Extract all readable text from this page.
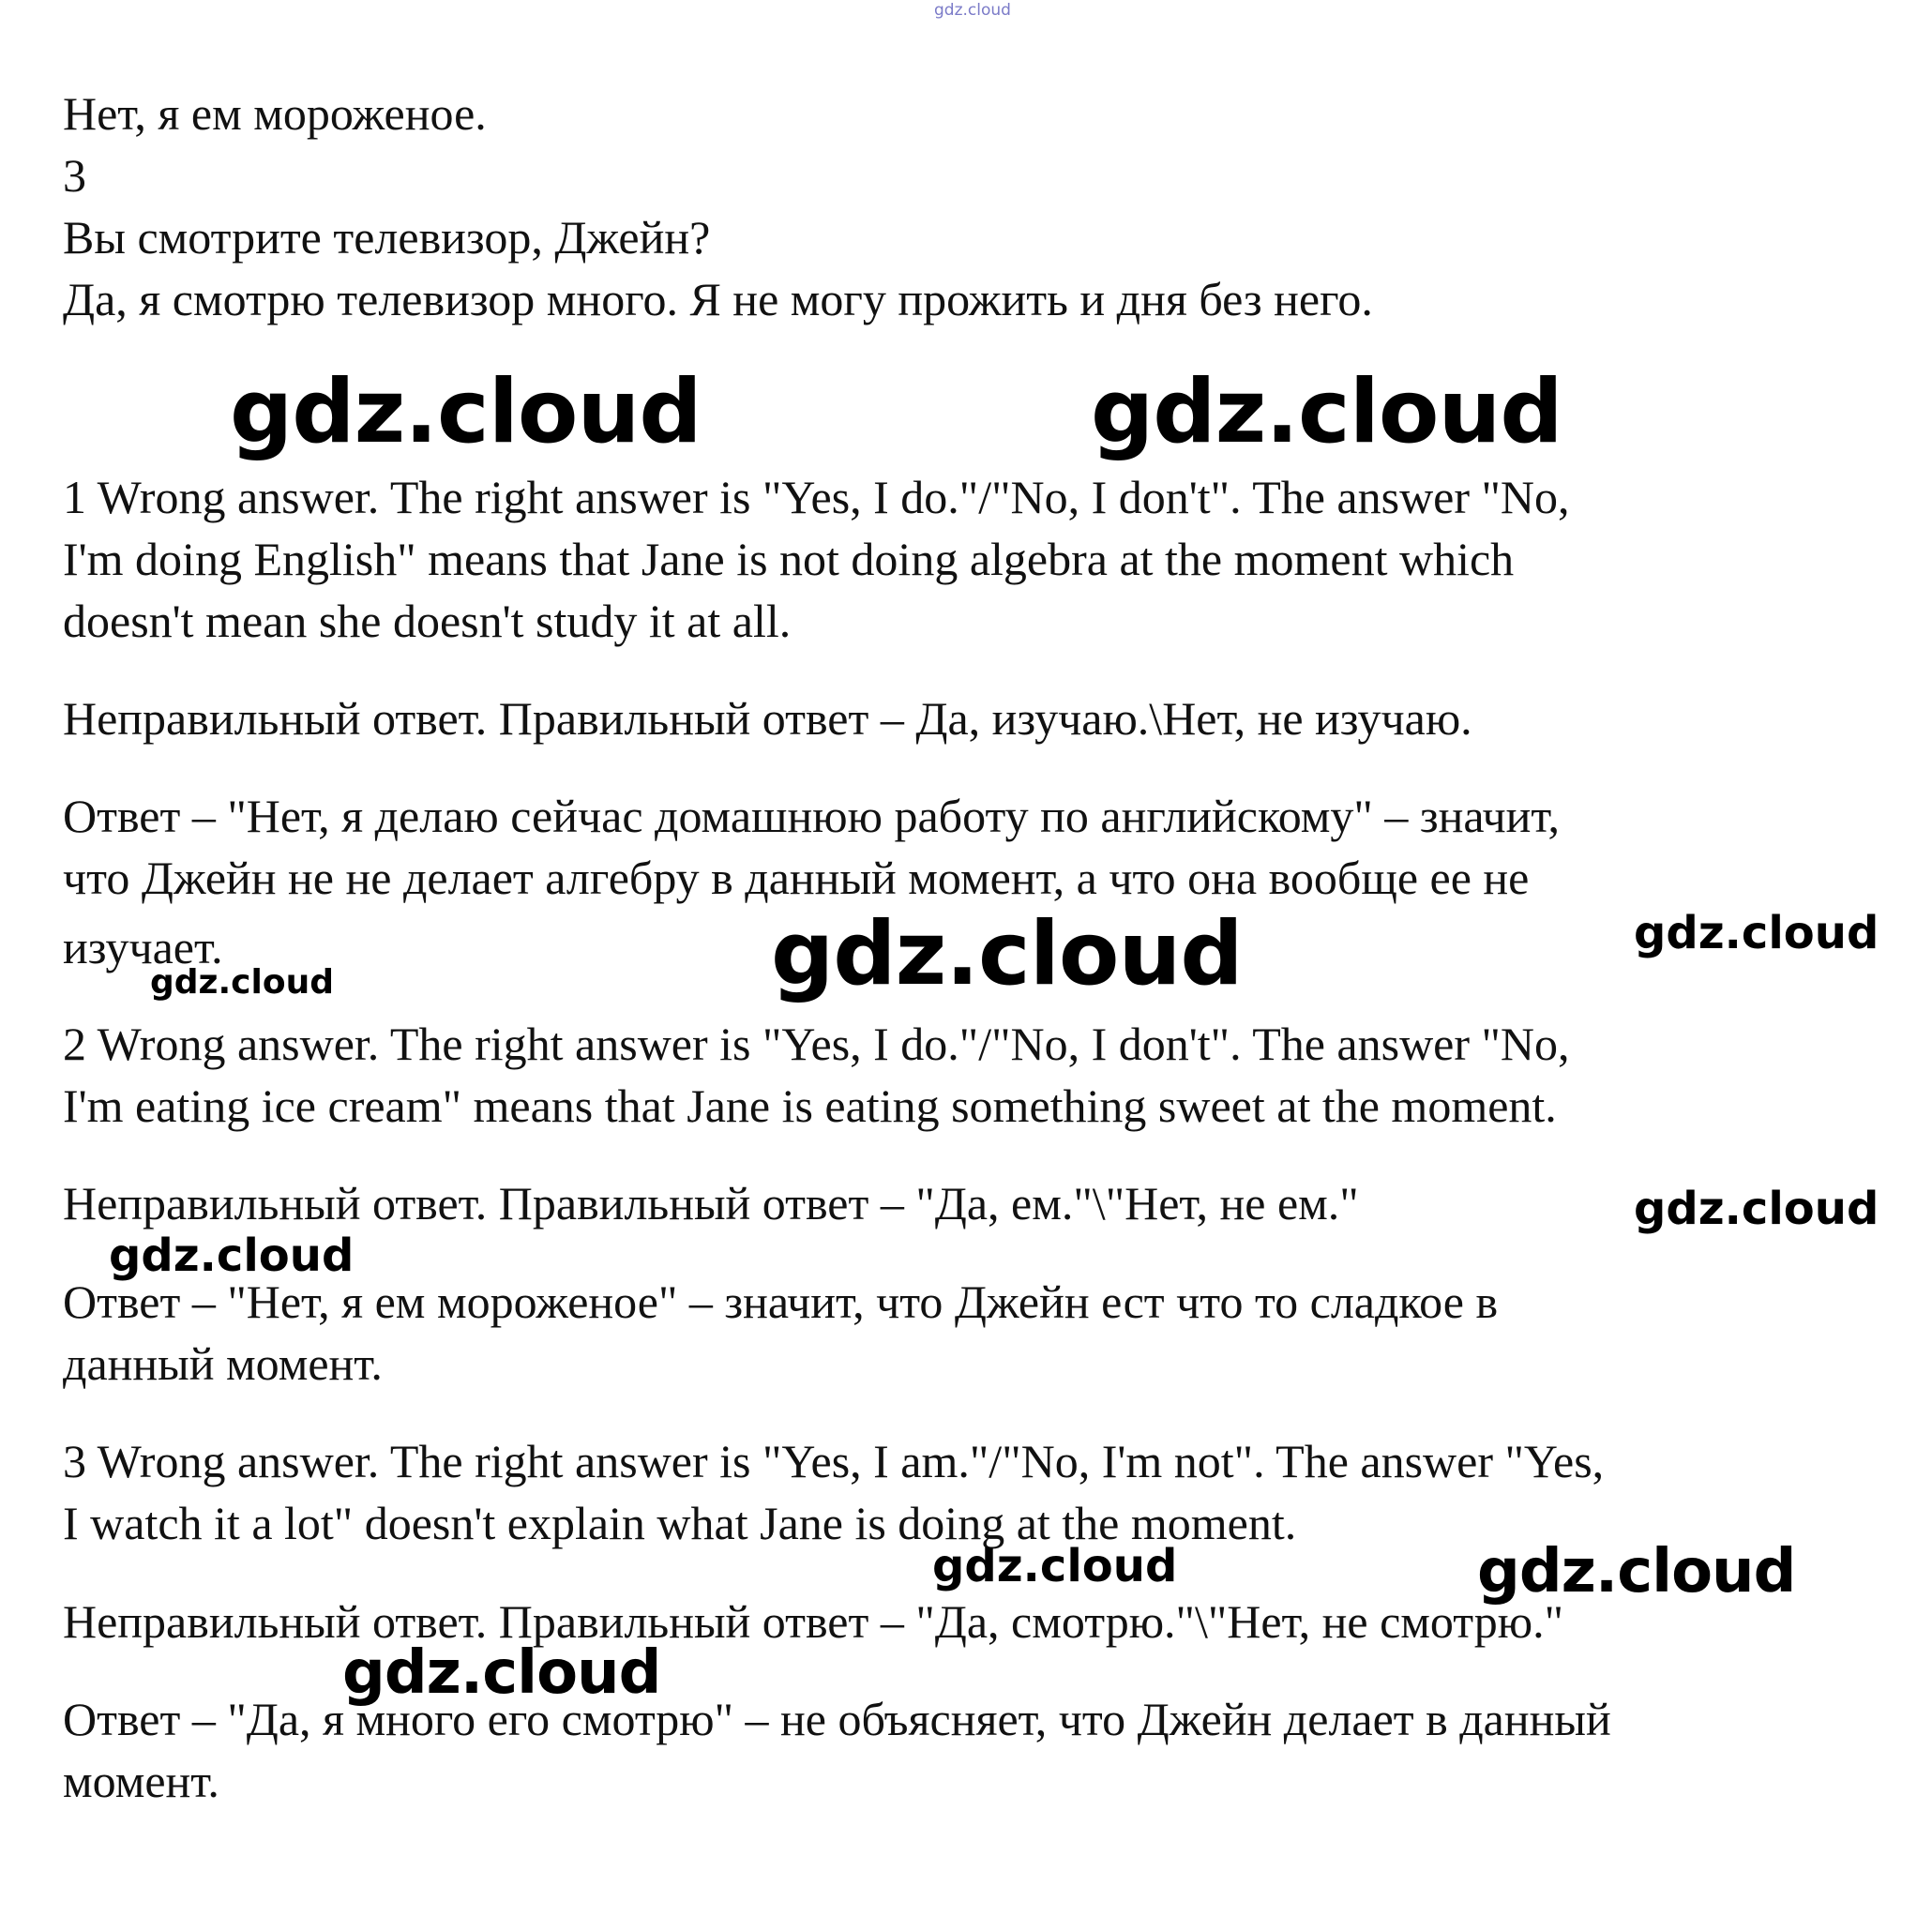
gdz.cloud
Нет, я ем мороженое.
3
Вы смотрите телевизор, Джейн?
Да, я смотрю телевизор много. Я не могу прожить и дня без него.
gdz.cloud	gdz.cloud
1 Wrong answer. The right answer is "Yes, I do."/"No, I don't". The answer "No,
I'm doing English" means that Jane is not doing algebra at the moment which
doesn't mean she doesn't study it at all.
Неправильный ответ. Правильный ответ – Да, изучаю.\Нет, не изучаю.
Ответ – "Нет, я делаю сейчас домашнюю работу по английскому" – значит,
что Джейн не не делает алгебру в данный момент, а что она вообще ее не
изучает.	gdz.cloud	gdz.cloud
gdz.cloud
2 Wrong answer. The right answer is "Yes, I do."/"No, I don't". The answer "No,
I'm eating ice cream" means that Jane is eating something sweet at the moment.
Неправильный ответ. Правильный ответ – "Да, ем."\"Нет, не ем."	gdz.cloud
gdz.cloud
Ответ – "Нет, я ем мороженое" – значит, что Джейн ест что то сладкое в
данный момент.
3 Wrong answer. The right answer is "Yes, I am."/"No, I'm not". The answer "Yes,
I watch it a lot" doesn't explain what Jane is doing at the moment.
gdz.cloud	gdz.cloud
Неправильный ответ. Правильный ответ – "Да, смотрю."\"Нет, не смотрю."
gdz.cloud
Ответ – "Да, я много его смотрю" – не объясняет, что Джейн делает в данный
момент.
gdz.cloud
